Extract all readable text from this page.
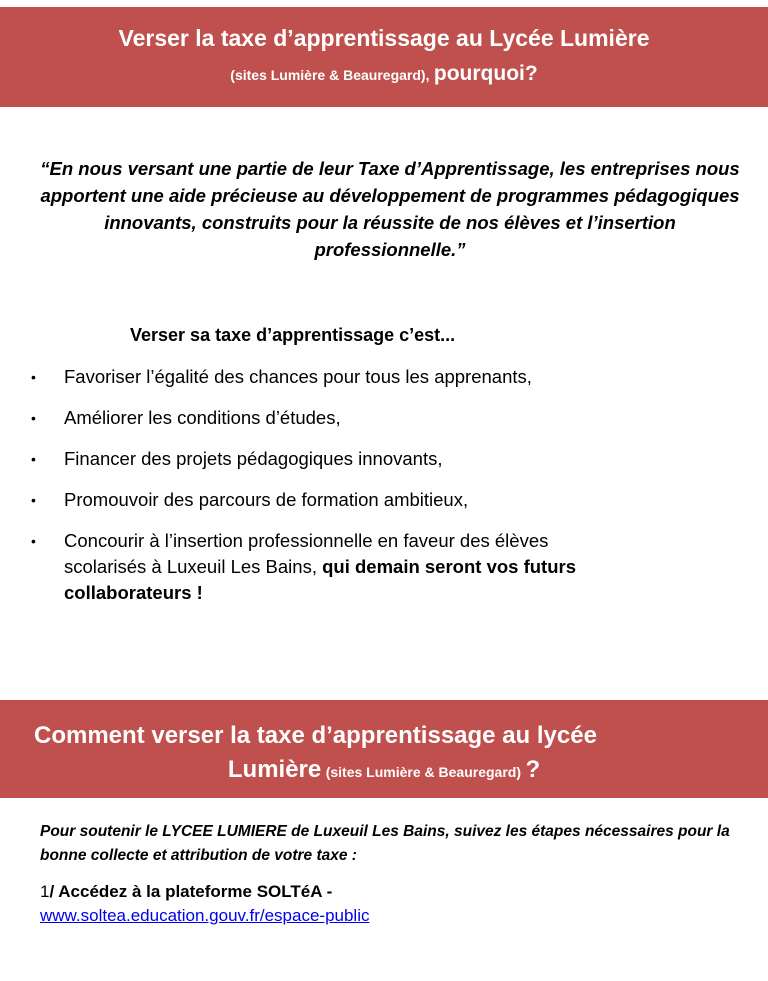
Verser la taxe d’apprentissage au Lycée Lumière
(sites Lumière & Beauregard), pourquoi?
“En nous versant une partie de leur Taxe d’Apprentissage, les entreprises nous apportent une aide précieuse au développement de programmes pédagogiques innovants, construits pour la réussite de nos élèves et l’insertion professionnelle.”
Verser sa taxe d’apprentissage c’est...
• Favoriser l’égalité des chances pour tous les apprenants,
• Améliorer les conditions d’études,
• Financer des projets pédagogiques innovants,
• Promouvoir des parcours de formation ambitieux,
• Concourir à l’insertion professionnelle en faveur des élèves scolarisés à Luxeuil Les Bains, qui demain seront vos futurs collaborateurs !
Comment verser la taxe d’apprentissage au lycée
Lumière (sites Lumière & Beauregard) ?
Pour soutenir le LYCEE LUMIERE de Luxeuil Les Bains, suivez les étapes nécessaires pour la bonne collecte et attribution de votre taxe :
1/ Accédez à la plateforme SOLTéA -
www.soltea.education.gouv.fr/espace-public
